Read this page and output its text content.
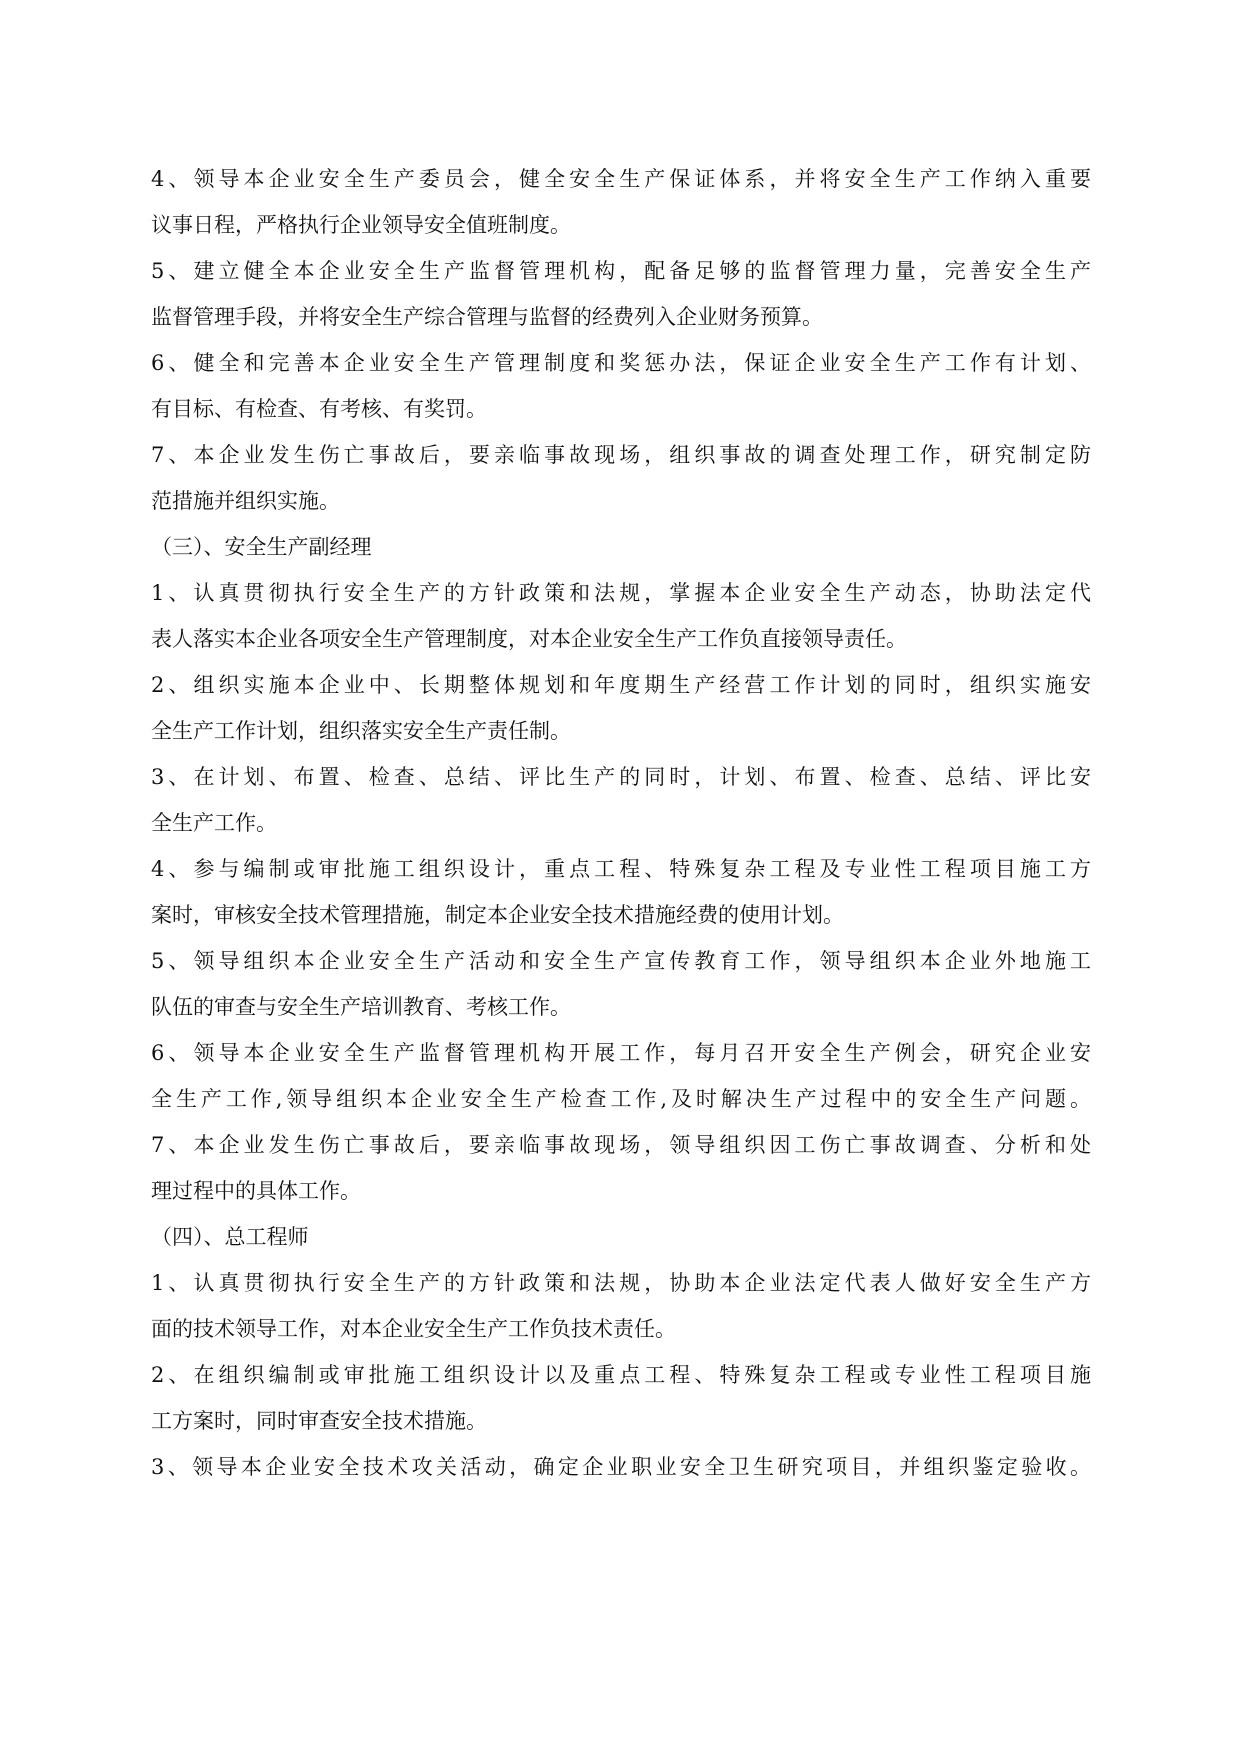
4、领导本企业安全生产委员会，健全安全生产保证体系，并将安全生产工作纳入重要
议事日程，严格执行企业领导安全值班制度。
5、建立健全本企业安全生产监督管理机构，配备足够的监督管理力量，完善安全生产
监督管理手段，并将安全生产综合管理与监督的经费列入企业财务预算。
6、健全和完善本企业安全生产管理制度和奖惩办法，保证企业安全生产工作有计划、
有目标、有检查、有考核、有奖罚。
7、本企业发生伤亡事故后，要亲临事故现场，组织事故的调查处理工作，研究制定防
范措施并组织实施。
（三）、安全生产副经理
1、认真贯彻执行安全生产的方针政策和法规，掌握本企业安全生产动态，协助法定代
表人落实本企业各项安全生产管理制度，对本企业安全生产工作负直接领导责任。
2、组织实施本企业中、长期整体规划和年度期生产经营工作计划的同时，组织实施安
全生产工作计划，组织落实安全生产责任制。
3、在计划、布置、检查、总结、评比生产的同时，计划、布置、检查、总结、评比安
全生产工作。
4、参与编制或审批施工组织设计，重点工程、特殊复杂工程及专业性工程项目施工方
案时，审核安全技术管理措施，制定本企业安全技术措施经费的使用计划。
5、领导组织本企业安全生产活动和安全生产宣传教育工作，领导组织本企业外地施工
队伍的审查与安全生产培训教育、考核工作。
6、领导本企业安全生产监督管理机构开展工作，每月召开安全生产例会，研究企业安
全生产工作,领导组织本企业安全生产检查工作,及时解决生产过程中的安全生产问题。
7、本企业发生伤亡事故后，要亲临事故现场，领导组织因工伤亡事故调查、分析和处
理过程中的具体工作。
（四）、总工程师
1、认真贯彻执行安全生产的方针政策和法规，协助本企业法定代表人做好安全生产方
面的技术领导工作，对本企业安全生产工作负技术责任。
2、在组织编制或审批施工组织设计以及重点工程、特殊复杂工程或专业性工程项目施
工方案时，同时审查安全技术措施。
3、领导本企业安全技术攻关活动，确定企业职业安全卫生研究项目，并组织鉴定验收。
